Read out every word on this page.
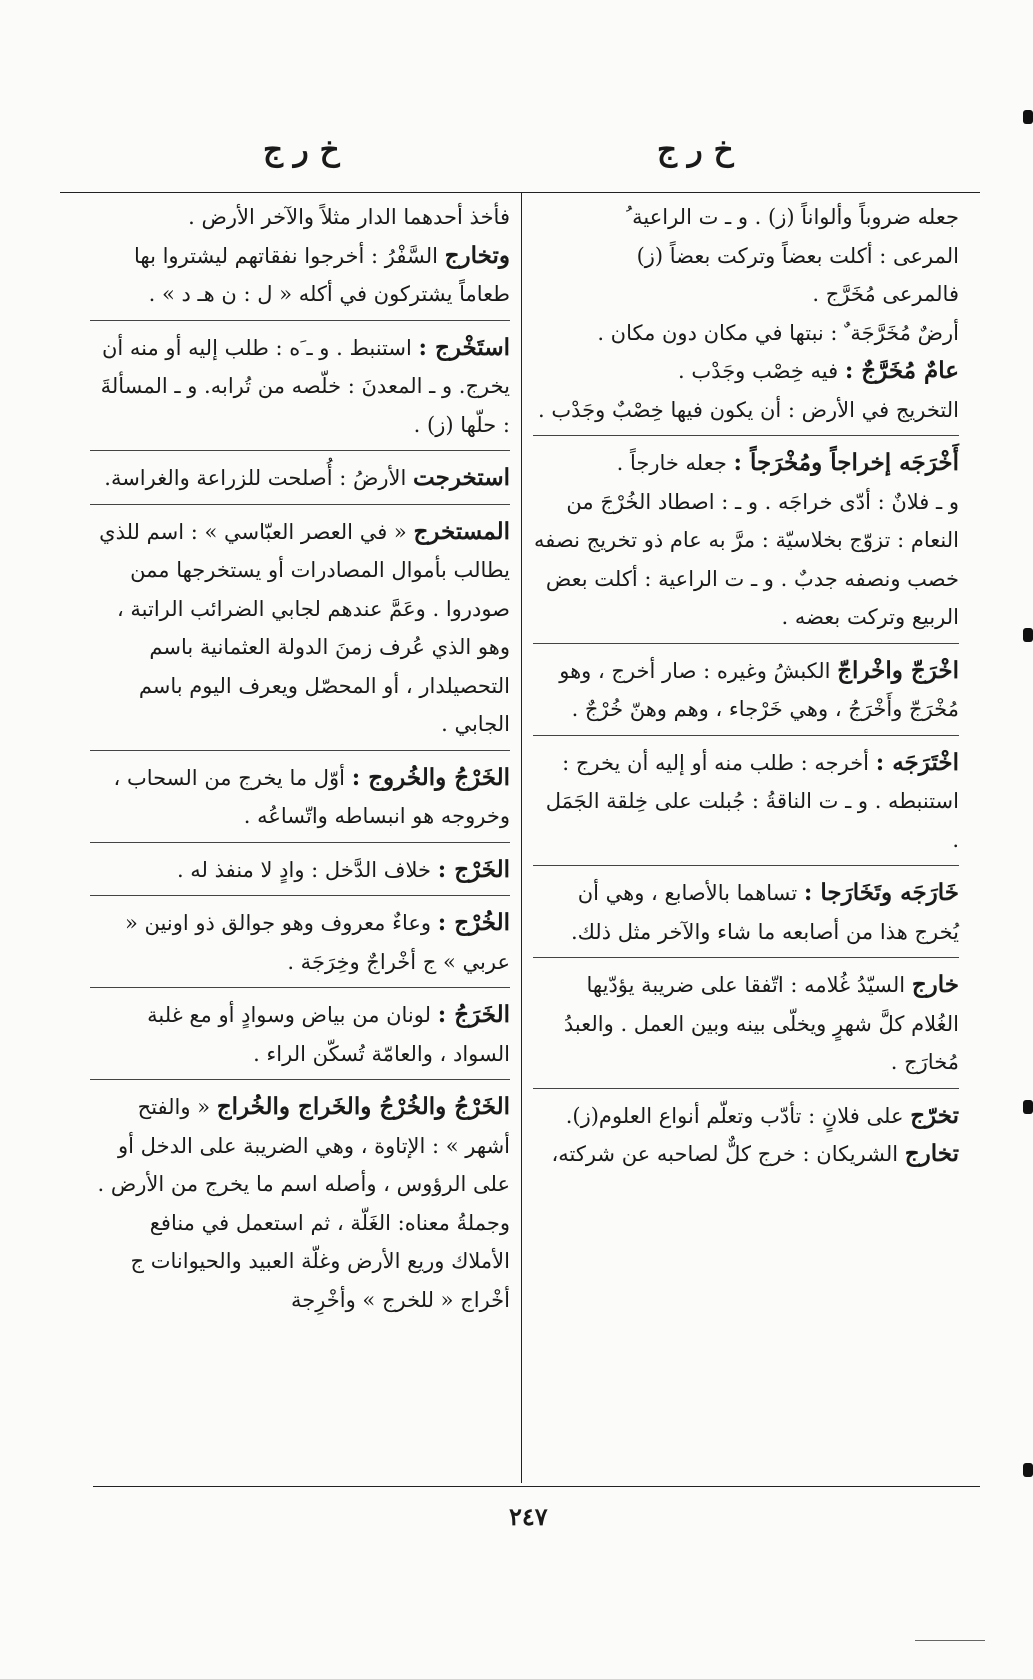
خ ر ج
خ ر ج

جعله ضروباً وألواناً (ز) . و ـ ت الراعية ُ

المرعى : أكلت بعضاً وتركت بعضاً (ز)

فالمرعى مُخَرَّج .

أرضٌ مُخَرَّجَة ٌ : نبتها في مكان دون مكان .

عامٌ مُخَرَّجٌ : فيه خِصْب وجَدْب .

التخريج في الأرض : أن يكون فيها خِصْبٌ وجَدْب .

أَخْرَجَه إخراجاً ومُخْرَجاً : جعله خارجاً .

و ـ فلانٌ : أدّى خراجَه . و ـ : اصطاد الخُرْجَ من النعام : تزوّج بخلاسيّة : مرَّ به عام ذو تخريج نصفه خصب ونصفه جدبٌ . و ـ ت الراعية : أكلت بعض الربيع وتركت بعضه .

اخْرَجّ واخْراجّ الكبشُ وغيره : صار أخرج ، وهو مُخْرَجّ وأَخْرَجُ ، وهي خَرْجاء ، وهم وهنّ خُرْجٌ .

اخْتَرَجَه : أخرجه : طلب منه أو إليه أن يخرج : استنبطه . و ـ ت الناقةُ : جُبلت على خِلقة الجَمَل .

خَارَجَه وتَخَارَجا : تساهما بالأصابع ، وهي أن يُخرج هذا من أصابعه ما شاء والآخر مثل ذلك.

خارج السيّدُ غُلامه : اتّفقا على ضريبة يؤدّيها الغُلام كلَّ شهرٍ ويخلّى بينه وبين العمل . والعبدُ مُخارَج .

تخرّج على فلانٍ : تأدّب وتعلّم أنواع العلوم(ز).

تخارج الشريكان : خرج كلٌّ لصاحبه عن شركته،

فأخذ أحدهما الدار مثلاً والآخر الأرض .

وتخارج السَّفْرُ : أخرجوا نفقاتهم ليشتروا بها طعاماً يشتركون في أكله « ل : ن هـ د » .

استَخْرج : استنبط . و ـ َه : طلب إليه أو منه أن يخرج. و ـ المعدنَ : خلّصه من تُرابه. و ـ المسألةَ : حلّها (ز) .

استخرجت الأرضُ : أُصلحت للزراعة والغراسة.

المستخرج « في العصر العبّاسي » : اسم للذي يطالب بأموال المصادرات أو يستخرجها ممن صودروا . وعَمَّ عندهم لجابي الضرائب الراتبة ، وهو الذي عُرف زمنَ الدولة العثمانية باسم التحصيلدار ، أو المحصّل ويعرف اليوم باسم الجابي .

الخَرْجُ والخُروج : أوّل ما يخرج من السحاب ، وخروجه هو انبساطه واتّساعُه .

الخَرْج : خلاف الدَّخل : وادٍ لا منفذ له .

الخُرْج : وعاءٌ معروف وهو جوالق ذو اونين « عربي » ج أخْراجٌ وخِرَجَة .

الخَرَجُ : لونان من بياض وسوادٍ أو مع غلبة السواد ، والعامّة تُسكّن الراء .

الخَرْجُ والخُرْجُ والخَراج والخُراج « والفتح أشهر » : الإتاوة ، وهي الضريبة على الدخل أو على الرؤوس ، وأصله اسم ما يخرج من الأرض . وجملةُ معناه: الغَلّة ، ثم استعمل في منافع الأملاك وريع الأرض وغلّة العبيد والحيوانات ج أخْراج « للخرج » وأخْرِجة

٢٤٧
